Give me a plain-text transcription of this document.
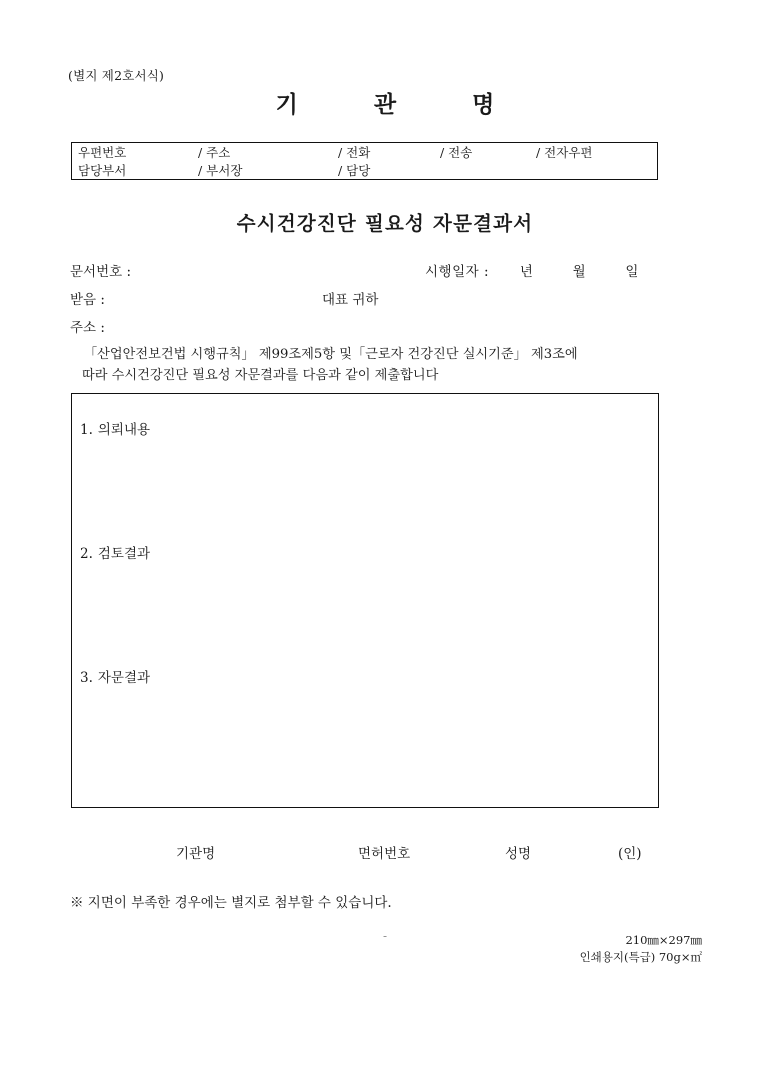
(별지 제2호서식)
기 관 명
우편번호	/ 주소	/ 전화	/ 전송	/ 전자우편
담당부서	/ 부서장	/ 담당
수시건강진단 필요성 자문결과서
문서번호 :	시행일자 : 년	월	일
받음 :	대표 귀하
주소 :
「산업안전보건법 시행규칙」 제99조제5항 및「근로자 건강진단 실시기준」 제3조에
따라 수시건강진단 필요성 자문결과를 다음과 같이 제출합니다
1. 의뢰내용
2. 검토결과
3. 자문결과
기관명	면허번호	성명	(인)
※ 지면이 부족한 경우에는 별지로 첨부할 수 있습니다.
-	210㎜×297㎜
인쇄용지(특급) 70g×㎡
